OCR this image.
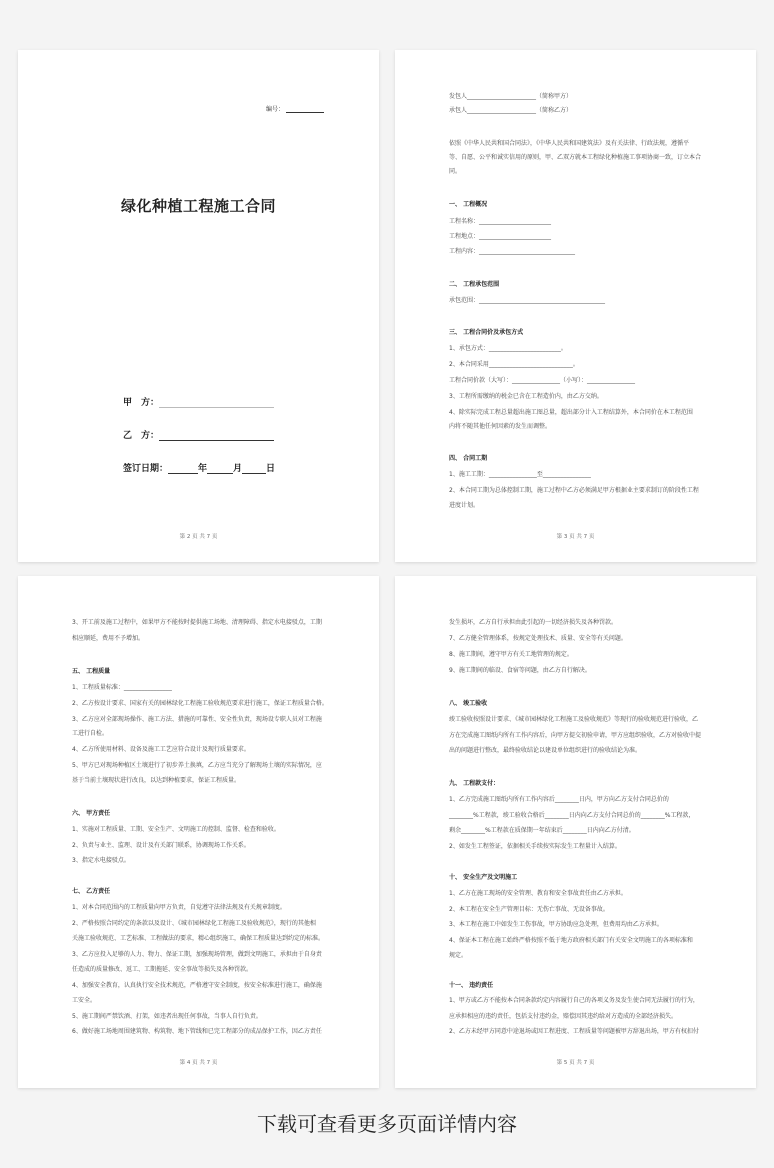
编号：
绿化种植工程施工合同
甲　方：
乙　方：
签订日期：	年	月	日
第 2 页 共 7 页
发包人_______________________（简称甲方）
承包人_______________________（简称乙方）
依照《中华人民共和国合同法》，《中华人民共和国建筑法》及有关法律、行政法规，遵循平
等、自愿、公平和诚实信用的原则，甲、乙双方就本工程绿化种植施工事项协商一致，订立本合
同。
一、 工程概况
工程名称：________________________
工程地点：________________________
工程内容：________________________________
二、 工程承包范围
承包范围：__________________________________________
三、 工程合同价及承包方式
1、承包方式：________________________。
2、本合同采用____________________________。
工程合同价款（大写）：________________（小写）：________________
3、工程所需缴纳的税金已含在工程造价内，由乙方交纳。
4、除实际完成工程总量超出施工图总量，超出部分计入工程结算外，本合同价在本工程范围
内将不随其他任何因素的发生而调整。
四、 合同工期
1、施工工期：________________至________________
2、本合同工期为总体控制工期，施工过程中乙方必须满足甲方根据业主要求制订的阶段性工程
进度计划。
第 3 页 共 7 页
3、开工前及施工过程中，如果甲方不能按时提供施工场地、清理障碍、指定水电接驳点，工期
相应顺延，费用不予增加。
五、 工程质量
1、工程质量标准：________________
2、乙方按设计要求、国家有关的园林绿化工程施工验收规范要求进行施工，保证工程质量合格。
3、乙方应对全部现场操作、施工方法、措施的可靠性、安全性负责，现场设专职人员对工程施
工进行自检。
4、乙方所使用材料、设备及施工工艺应符合设计及现行质量要求。
5、甲方已对现场种植区土壤进行了初步养土换填，乙方应当充分了解现场土壤的实际情况，应
基于当前土壤现状进行改良，以达到种植要求，保证工程质量。
六、 甲方责任
1、实施对工程质量、工期、安全生产、文明施工的控制、监督、检查和验收。
2、负责与业主、监理、设计及有关部门联系，协调现场工作关系。
3、指定水电接驳点。
七、 乙方责任
1、对本合同范围内的工程质量向甲方负责，自觉遵守法律法规及有关规章制度。
2、严格按照合同约定的条款以及设计、《城市园林绿化工程施工及验收规范》，现行的其他相
关施工验收规范、工艺标准、工程做法的要求，精心组织施工，确保工程质量达到约定的标准。
3、乙方应投入足够的人力、物力、保证工期，加强现场管理，做到文明施工，承担由于自身责
任造成的质量修改、返工、工期拖延、安全事故等损失及各种罚款。
4、加强安全教育，认真执行安全技术规范，严格遵守安全制度，按安全标准进行施工，确保施
工安全。
5、施工期间严禁饮酒、打架，如违者出现任何事故，当事人自行负责。
6、做好施工场地周围建筑物、构筑物、地下管线和已完工程部分的成品保护工作，因乙方责任
第 4 页 共 7 页
发生损坏，乙方自行承担由此引起的一切经济损失及各种罚款。
7、乙方健全管理体系，按规定处理技术、质量、安全等有关问题。
8、施工期间，遵守甲方有关工地管理的规定。
9、施工期间的临设、食宿等问题，由乙方自行解决。
八、 竣工验收
竣工验收按照设计要求、《城市园林绿化工程施工及验收规范》等现行的验收规范进行验收，乙
方在完成施工图纸内所有工作内容后，向甲方提交初验申请，甲方应组织验收，乙方对验收中提
出的问题进行整改，最终验收结论以建设单位组织进行的验收结论为准。
九、 工程款支付：
1、乙方完成施工图纸内所有工作内容后________日内，甲方向乙方支付合同总价的
________%工程款，竣工验收合格后________日内向乙方支付合同总价的________%工程款，
剩余________%工程款在质保期一年结束后________日内向乙方付清。
2、如发生工程签证，依据相关手续按实际发生工程量计入结算。
十、 安全生产及文明施工
1、乙方在施工现场的安全管理、教育和安全事故责任由乙方承担。
2、本工程在安全生产管理目标：无伤亡事故、无设备事故。
3、本工程在施工中如发生工伤事故，甲方协助应急处理，但费用均由乙方承担。
4、保证本工程在施工始终严格按照不低于地方政府相关部门有关安全文明施工的各项标准和
规定。
十一、 违约责任
1、甲方或乙方不能按本合同条款约定内容履行自己的各项义务及发生使合同无法履行的行为，
应承担相应的违约责任，包括支付违约金，赔偿因其违约给对方造成的全部经济损失。
2、乙方未经甲方同意中途退场或因工程进度、工程质量等问题被甲方辞退出场，甲方有权扣付
第 5 页 共 7 页
下载可查看更多页面详情内容
